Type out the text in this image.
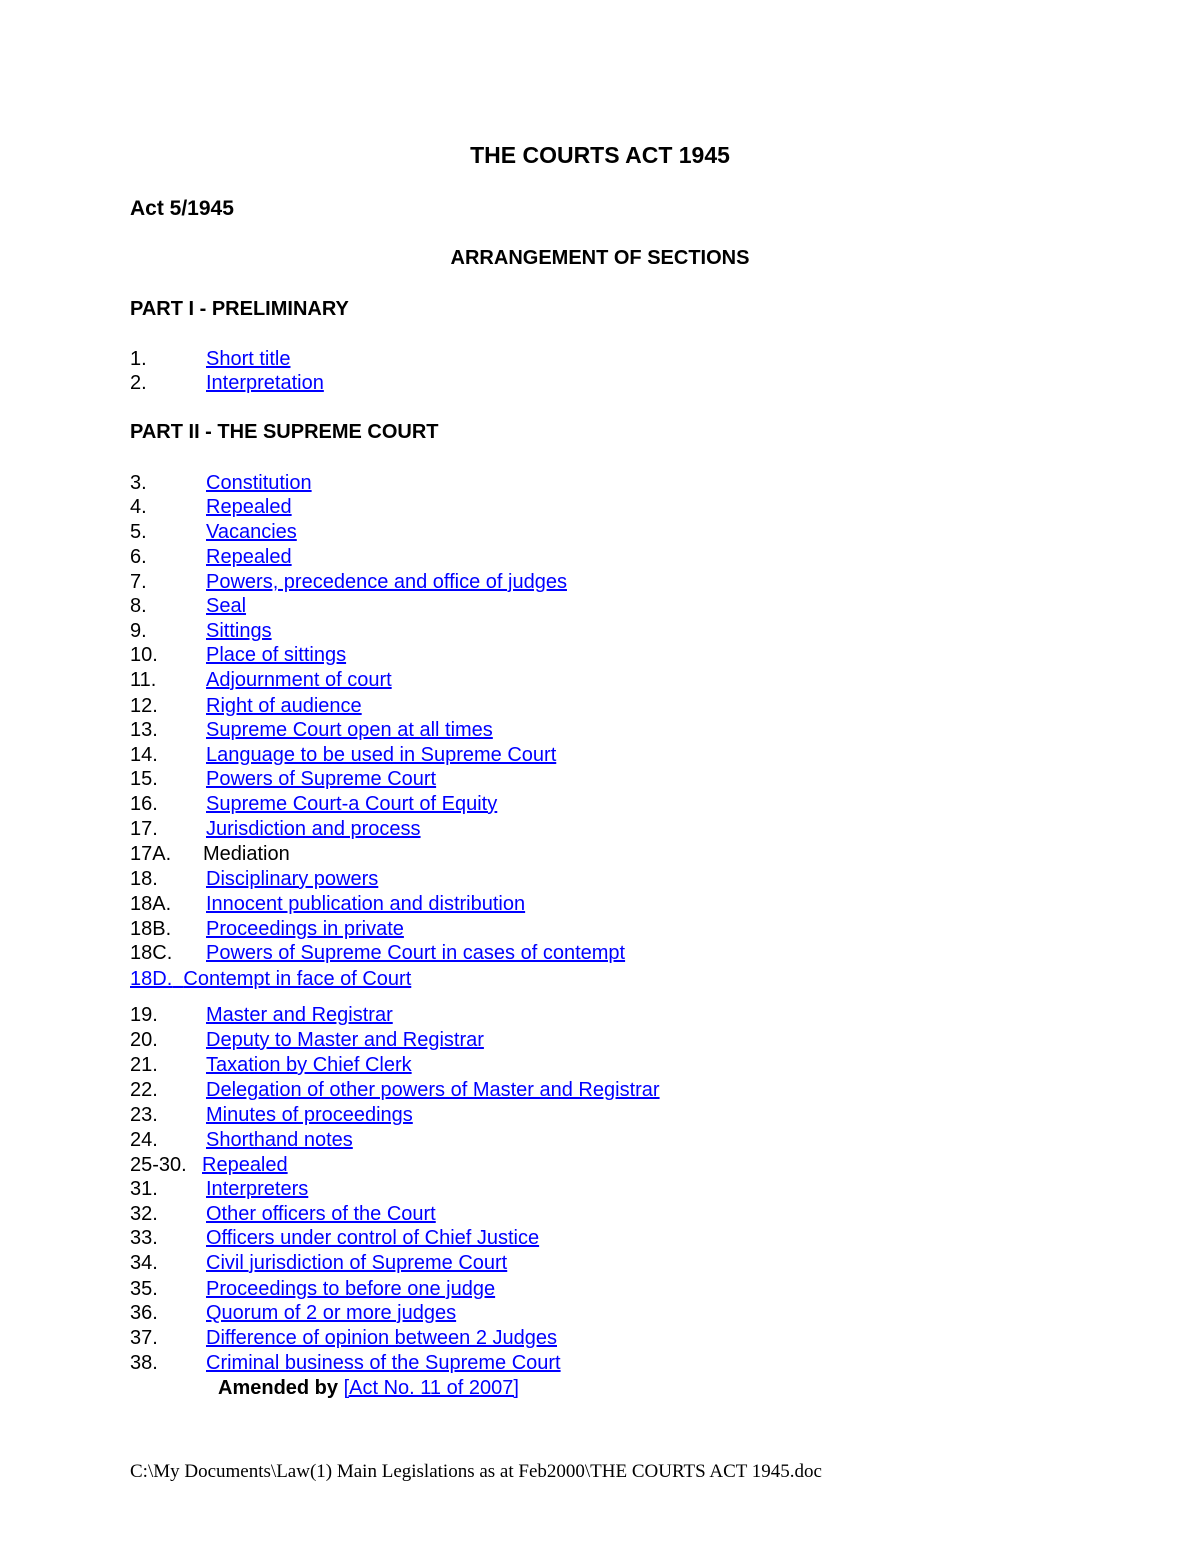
THE COURTS ACT 1945
Act 5/1945
ARRANGEMENT OF SECTIONS
PART I - PRELIMINARY
1.	Short title
2.	Interpretation
PART II - THE SUPREME COURT
3.	Constitution
4.	Repealed
5.	Vacancies
6.	Repealed
7.	Powers, precedence and office of judges
8.	Seal
9.	Sittings
10. Place of sittings
11. Adjournment of court
12. Right of audience
13. Supreme Court open at all times
14. Language to be used in Supreme Court
15. Powers of Supreme Court
16. Supreme Court-a Court of Equity
17. Jurisdiction and process
17A. Mediation
18. Disciplinary powers
18A. Innocent publication and distribution
18B. Proceedings in private
18C. Powers of Supreme Court in cases of contempt
18D. Contempt in face of Court
19. Master and Registrar
20. Deputy to Master and Registrar
21. Taxation by Chief Clerk
22. Delegation of other powers of Master and Registrar
23. Minutes of proceedings
24. Shorthand notes
25-30. Repealed
31. Interpreters
32. Other officers of the Court
33. Officers under control of Chief Justice
34. Civil jurisdiction of Supreme Court
35. Proceedings to before one judge
36. Quorum of 2 or more judges
37. Difference of opinion between 2 Judges
38. Criminal business of the Supreme Court
Amended by [Act No. 11 of 2007]
C:\My Documents\Law(1) Main Legislations as at Feb2000\THE COURTS ACT 1945.doc
